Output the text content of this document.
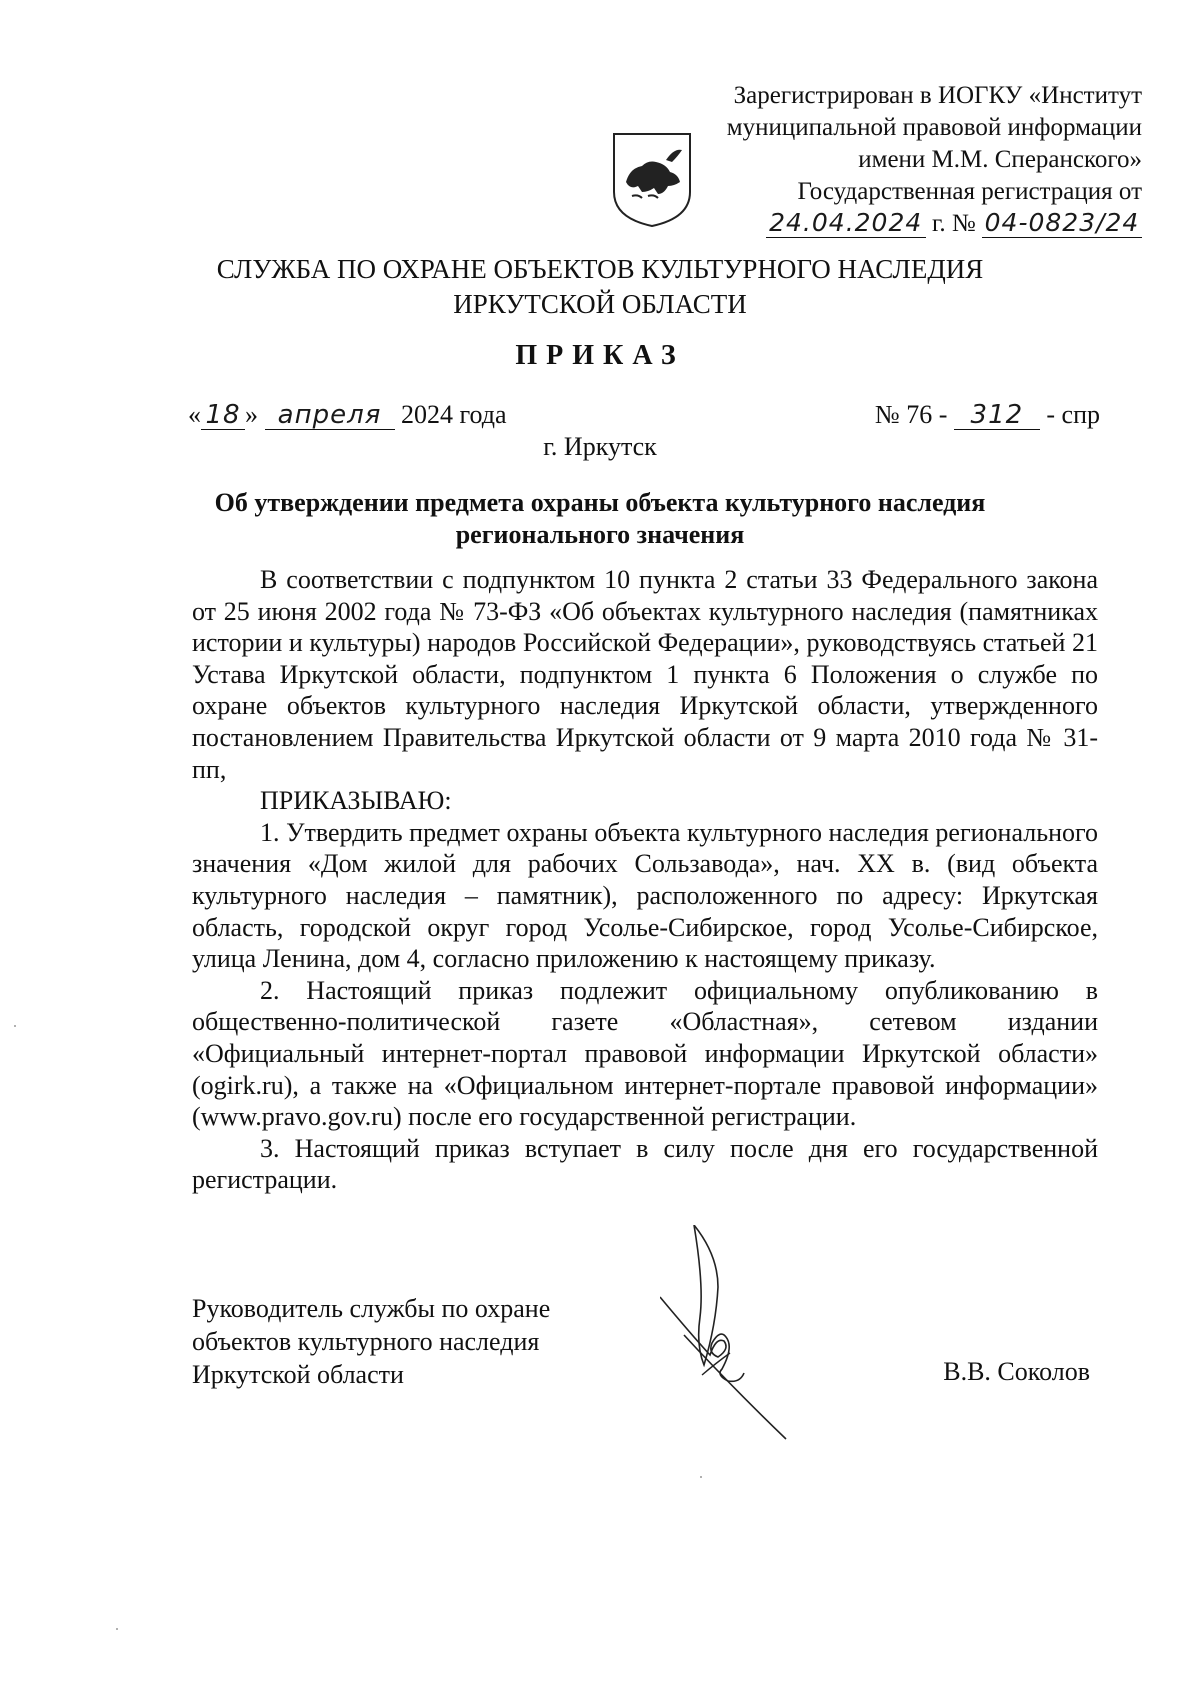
Зарегистрирован в ИОГКУ «Институт
муниципальной правовой информации
имени М.М. Сперанского»
Государственная регистрация от
24.04.2024 г. № 04-0823/24
СЛУЖБА ПО ОХРАНЕ ОБЪЕКТОВ КУЛЬТУРНОГО НАСЛЕДИЯ
ИРКУТСКОЙ ОБЛАСТИ
ПРИКАЗ
« 18 » апреля 2024 года	№ 76 - 312 - спр
г. Иркутск
Об утверждении предмета охраны объекта культурного наследия
регионального значения

В соответствии с подпунктом 10 пункта 2 статьи 33 Федерального закона от 25 июня 2002 года № 73-ФЗ «Об объектах культурного наследия (памятниках истории и культуры) народов Российской Федерации», руководствуясь статьей 21 Устава Иркутской области, подпунктом 1 пункта 6 Положения о службе по охране объектов культурного наследия Иркутской области, утвержденного постановлением Правительства Иркутской области от 9 марта 2010 года № 31-пп,

ПРИКАЗЫВАЮ:

1. Утвердить предмет охраны объекта культурного наследия регионального значения «Дом жилой для рабочих Сользавода», нач. XX в. (вид объекта культурного наследия – памятник), расположенного по адресу: Иркутская область, городской округ город Усолье-Сибирское, город Усолье-Сибирское, улица Ленина, дом 4, согласно приложению к настоящему приказу.

2. Настоящий приказ подлежит официальному опубликованию в общественно-политической газете «Областная», сетевом издании «Официальный интернет-портал правовой информации Иркутской области» (ogirk.ru), а также на «Официальном интернет-портале правовой информации» (www.pravo.gov.ru) после его государственной регистрации.

3. Настоящий приказ вступает в силу после дня его государственной регистрации.

Руководитель службы по охране
объектов культурного наследия
Иркутской области	В.В. Соколов
